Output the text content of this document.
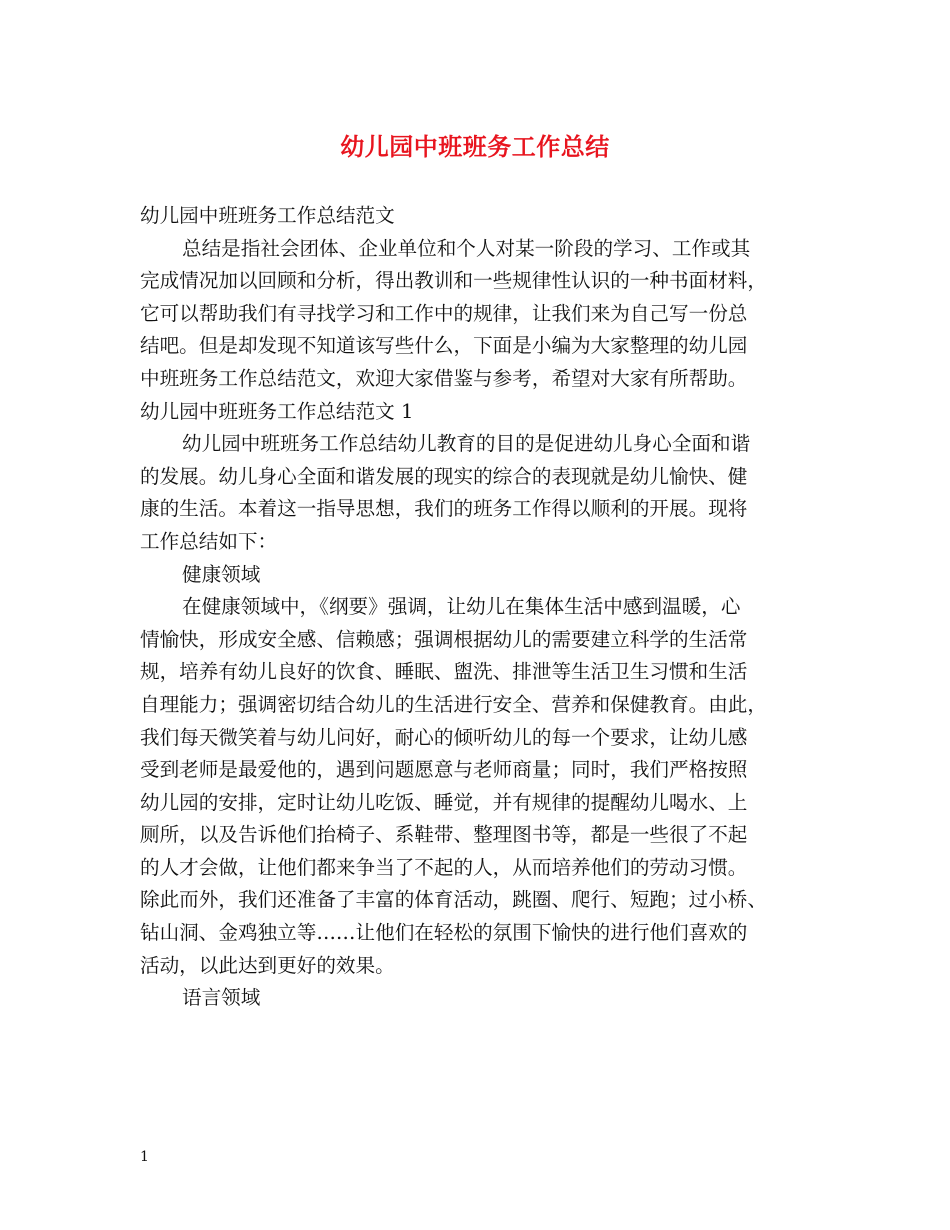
幼儿园中班班务工作总结
幼儿园中班班务工作总结范文
总结是指社会团体、企业单位和个人对某一阶段的学习、工作或其
完成情况加以回顾和分析，得出教训和一些规律性认识的一种书面材料，
它可以帮助我们有寻找学习和工作中的规律，让我们来为自己写一份总
结吧。但是却发现不知道该写些什么，下面是小编为大家整理的幼儿园
中班班务工作总结范文，欢迎大家借鉴与参考，希望对大家有所帮助。
幼儿园中班班务工作总结范文 1
幼儿园中班班务工作总结幼儿教育的目的是促进幼儿身心全面和谐
的发展。幼儿身心全面和谐发展的现实的综合的表现就是幼儿愉快、健
康的生活。本着这一指导思想，我们的班务工作得以顺利的开展。现将
工作总结如下：
健康领域
在健康领域中，《纲要》强调，让幼儿在集体生活中感到温暖，心
情愉快，形成安全感、信赖感；强调根据幼儿的需要建立科学的生活常
规，培养有幼儿良好的饮食、睡眠、盥洗、排泄等生活卫生习惯和生活
自理能力；强调密切结合幼儿的生活进行安全、营养和保健教育。由此，
我们每天微笑着与幼儿问好，耐心的倾听幼儿的每一个要求，让幼儿感
受到老师是最爱他的，遇到问题愿意与老师商量；同时，我们严格按照
幼儿园的安排，定时让幼儿吃饭、睡觉，并有规律的提醒幼儿喝水、上
厕所，以及告诉他们抬椅子、系鞋带、整理图书等，都是一些很了不起
的人才会做，让他们都来争当了不起的人，从而培养他们的劳动习惯。
除此而外，我们还准备了丰富的体育活动，跳圈、爬行、短跑；过小桥、
钻山洞、金鸡独立等……让他们在轻松的氛围下愉快的进行他们喜欢的
活动，以此达到更好的效果。
语言领域
1
